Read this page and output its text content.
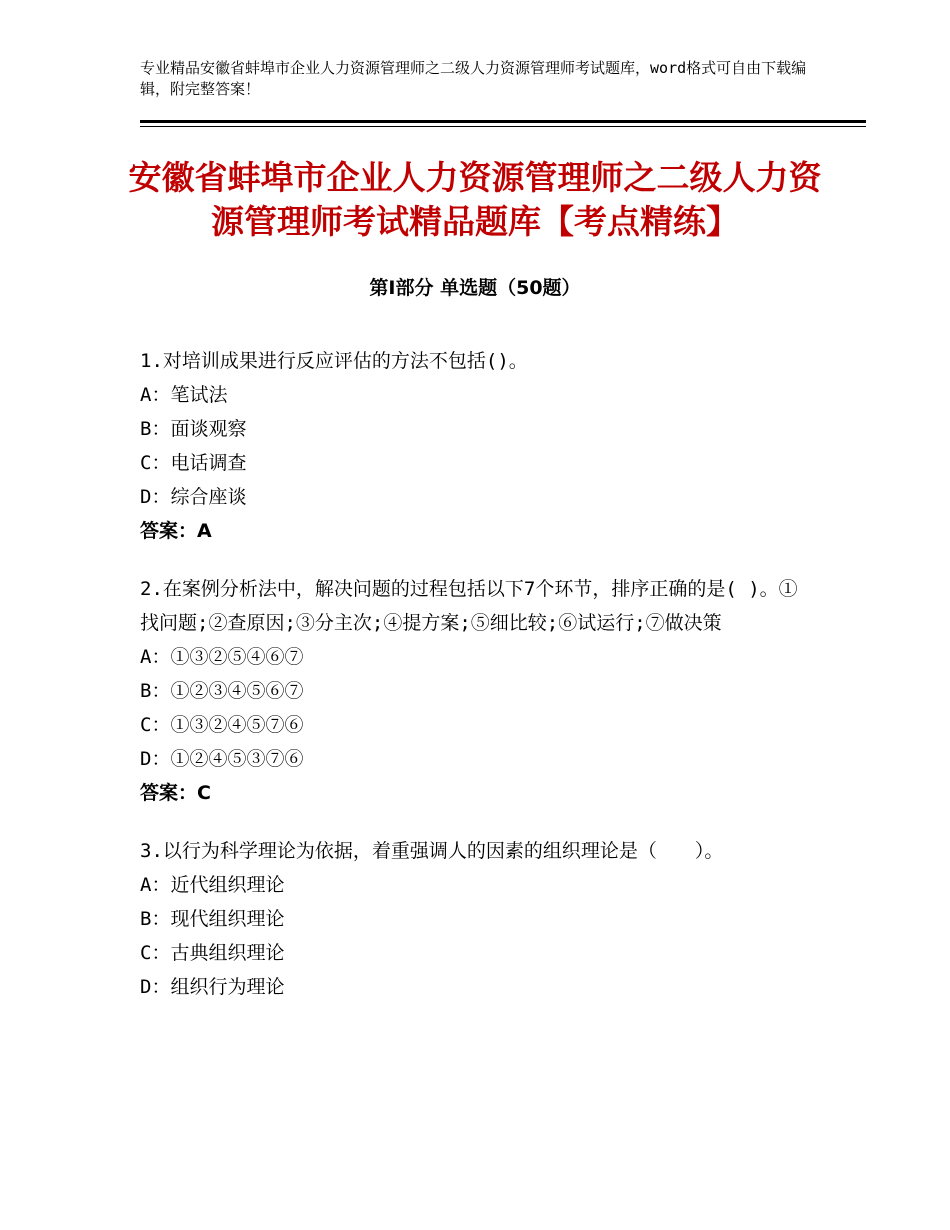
专业精品安徽省蚌埠市企业人力资源管理师之二级人力资源管理师考试题库，word格式可自由下载编辑，附完整答案！
安徽省蚌埠市企业人力资源管理师之二级人力资源管理师考试精品题库【考点精练】
第Ⅰ部分 单选题（50题）

1.对培训成果进行反应评估的方法不包括()。

A：笔试法

B：面谈观察

C：电话调查

D：综合座谈

答案：A

2.在案例分析法中，解决问题的过程包括以下7个环节，排序正确的是( )。①找问题;②查原因;③分主次;④提方案;⑤细比较;⑥试运行;⑦做决策

A：①③②⑤④⑥⑦

B：①②③④⑤⑥⑦

C：①③②④⑤⑦⑥

D：①②④⑤③⑦⑥

答案：C

3.以行为科学理论为依据，着重强调人的因素的组织理论是（　　）。

A：近代组织理论

B：现代组织理论

C：古典组织理论

D：组织行为理论
